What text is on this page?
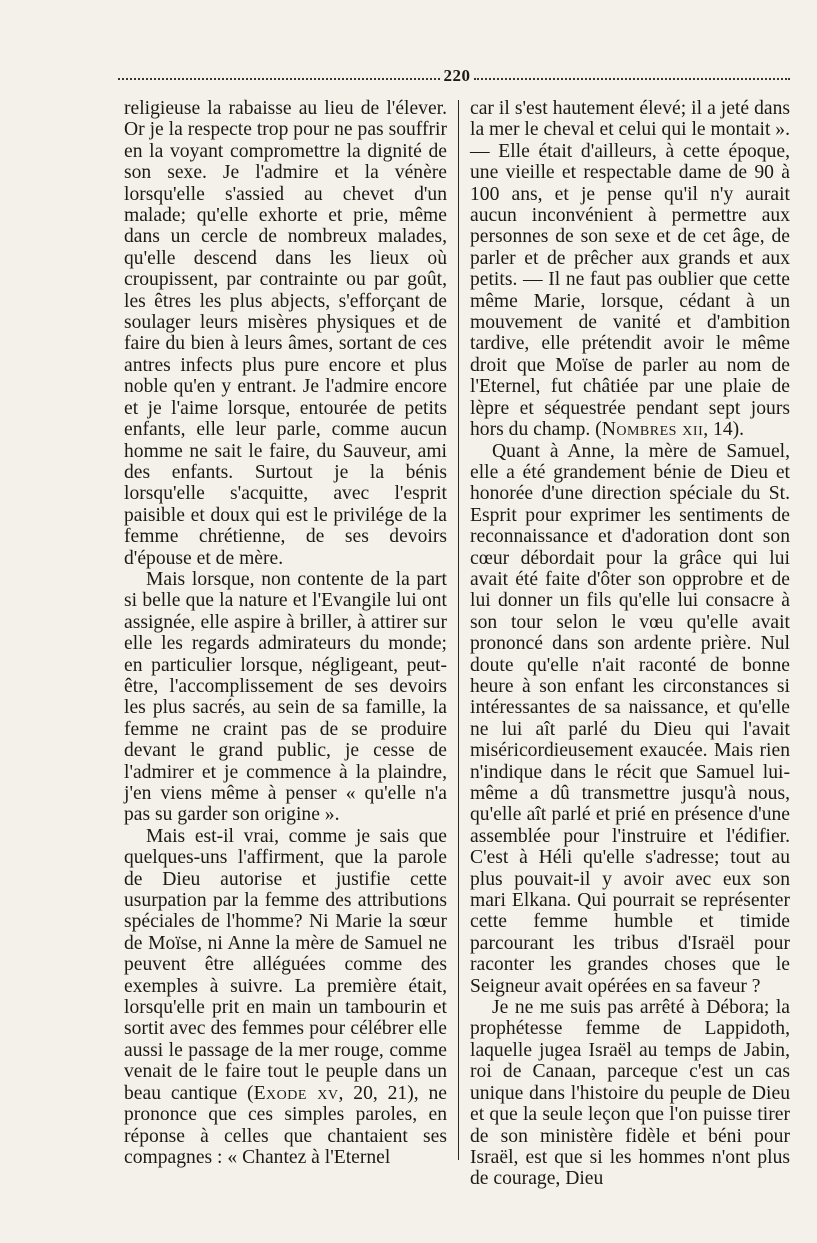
220

religieuse la rabaisse au lieu de l'élever. Or je la respecte trop pour ne pas souffrir en la voyant compromettre la dignité de son sexe. Je l'admire et la vénère lorsqu'elle s'assied au chevet d'un malade; qu'elle exhorte et prie, même dans un cercle de nombreux malades, qu'elle descend dans les lieux où croupissent, par contrainte ou par goût, les êtres les plus abjects, s'efforçant de soulager leurs misères physiques et de faire du bien à leurs âmes, sortant de ces antres infects plus pure encore et plus noble qu'en y entrant. Je l'admire encore et je l'aime lorsque, entourée de petits enfants, elle leur parle, comme aucun homme ne sait le faire, du Sauveur, ami des enfants. Surtout je la bénis lorsqu'elle s'acquitte, avec l'esprit paisible et doux qui est le privilége de la femme chrétienne, de ses devoirs d'épouse et de mère.

Mais lorsque, non contente de la part si belle que la nature et l'Evangile lui ont assignée, elle aspire à briller, à attirer sur elle les regards admirateurs du monde; en particulier lorsque, négligeant, peut-être, l'accomplissement de ses devoirs les plus sacrés, au sein de sa famille, la femme ne craint pas de se produire devant le grand public, je cesse de l'admirer et je commence à la plaindre, j'en viens même à penser « qu'elle n'a pas su garder son origine ».

Mais est-il vrai, comme je sais que quelques-uns l'affirment, que la parole de Dieu autorise et justifie cette usurpation par la femme des attributions spéciales de l'homme? Ni Marie la sœur de Moïse, ni Anne la mère de Samuel ne peuvent être alléguées comme des exemples à suivre. La première était, lorsqu'elle prit en main un tambourin et sortit avec des femmes pour célébrer elle aussi le passage de la mer rouge, comme venait de le faire tout le peuple dans un beau cantique (Exode xv, 20, 21), ne prononce que ces simples paroles, en réponse à celles que chantaient ses compagnes : « Chantez à l'Eternel

car il s'est hautement élevé; il a jeté dans la mer le cheval et celui qui le montait ». — Elle était d'ailleurs, à cette époque, une vieille et respectable dame de 90 à 100 ans, et je pense qu'il n'y aurait aucun inconvénient à permettre aux personnes de son sexe et de cet âge, de parler et de prêcher aux grands et aux petits. — Il ne faut pas oublier que cette même Marie, lorsque, cédant à un mouvement de vanité et d'ambition tardive, elle prétendit avoir le même droit que Moïse de parler au nom de l'Eternel, fut châtiée par une plaie de lèpre et séquestrée pendant sept jours hors du champ. (Nombres xii, 14).

Quant à Anne, la mère de Samuel, elle a été grandement bénie de Dieu et honorée d'une direction spéciale du St. Esprit pour exprimer les sentiments de reconnaissance et d'adoration dont son cœur débordait pour la grâce qui lui avait été faite d'ôter son opprobre et de lui donner un fils qu'elle lui consacre à son tour selon le vœu qu'elle avait prononcé dans son ardente prière. Nul doute qu'elle n'ait raconté de bonne heure à son enfant les circonstances si intéressantes de sa naissance, et qu'elle ne lui aît parlé du Dieu qui l'avait miséricordieusement exaucée. Mais rien n'indique dans le récit que Samuel lui-même a dû transmettre jusqu'à nous, qu'elle aît parlé et prié en présence d'une assemblée pour l'instruire et l'édifier. C'est à Héli qu'elle s'adresse; tout au plus pouvait-il y avoir avec eux son mari Elkana. Qui pourrait se représenter cette femme humble et timide parcourant les tribus d'Israël pour raconter les grandes choses que le Seigneur avait opérées en sa faveur ?

Je ne me suis pas arrêté à Débora; la prophétesse femme de Lappidoth, laquelle jugea Israël au temps de Jabin, roi de Canaan, parceque c'est un cas unique dans l'histoire du peuple de Dieu et que la seule leçon que l'on puisse tirer de son ministère fidèle et béni pour Israël, est que si les hommes n'ont plus de courage, Dieu
